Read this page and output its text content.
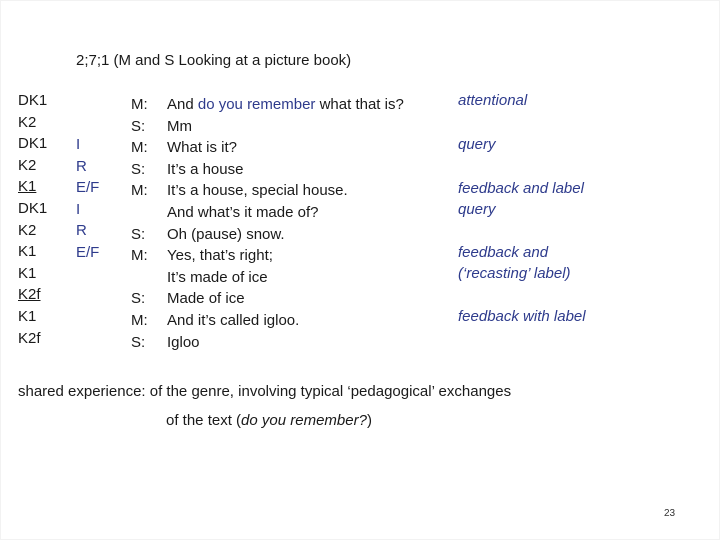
2;7;1 (M and S Looking at a picture book)
DK1
K2
DK1
K2
K1
DK1
K2
K1
K1
K2f
K1
K2f
I
R
E/F
I
R
E/F
M:
S:
M:
S:
M:

S:
M:

S:
M:
S:
And do you remember what that is?
Mm
What is it?
It’s a house
It’s a house, special house.
And what’s it made of?
Oh (pause) snow.
Yes, that’s right;
It’s made of ice
Made of ice
And it’s called igloo.
Igloo
attentional
query
feedback and label
query
feedback and
(‘recasting’ label)
feedback with label
shared experience: of the genre, involving typical ‘pedagogical’ exchanges
of the text (do you remember?)
23
